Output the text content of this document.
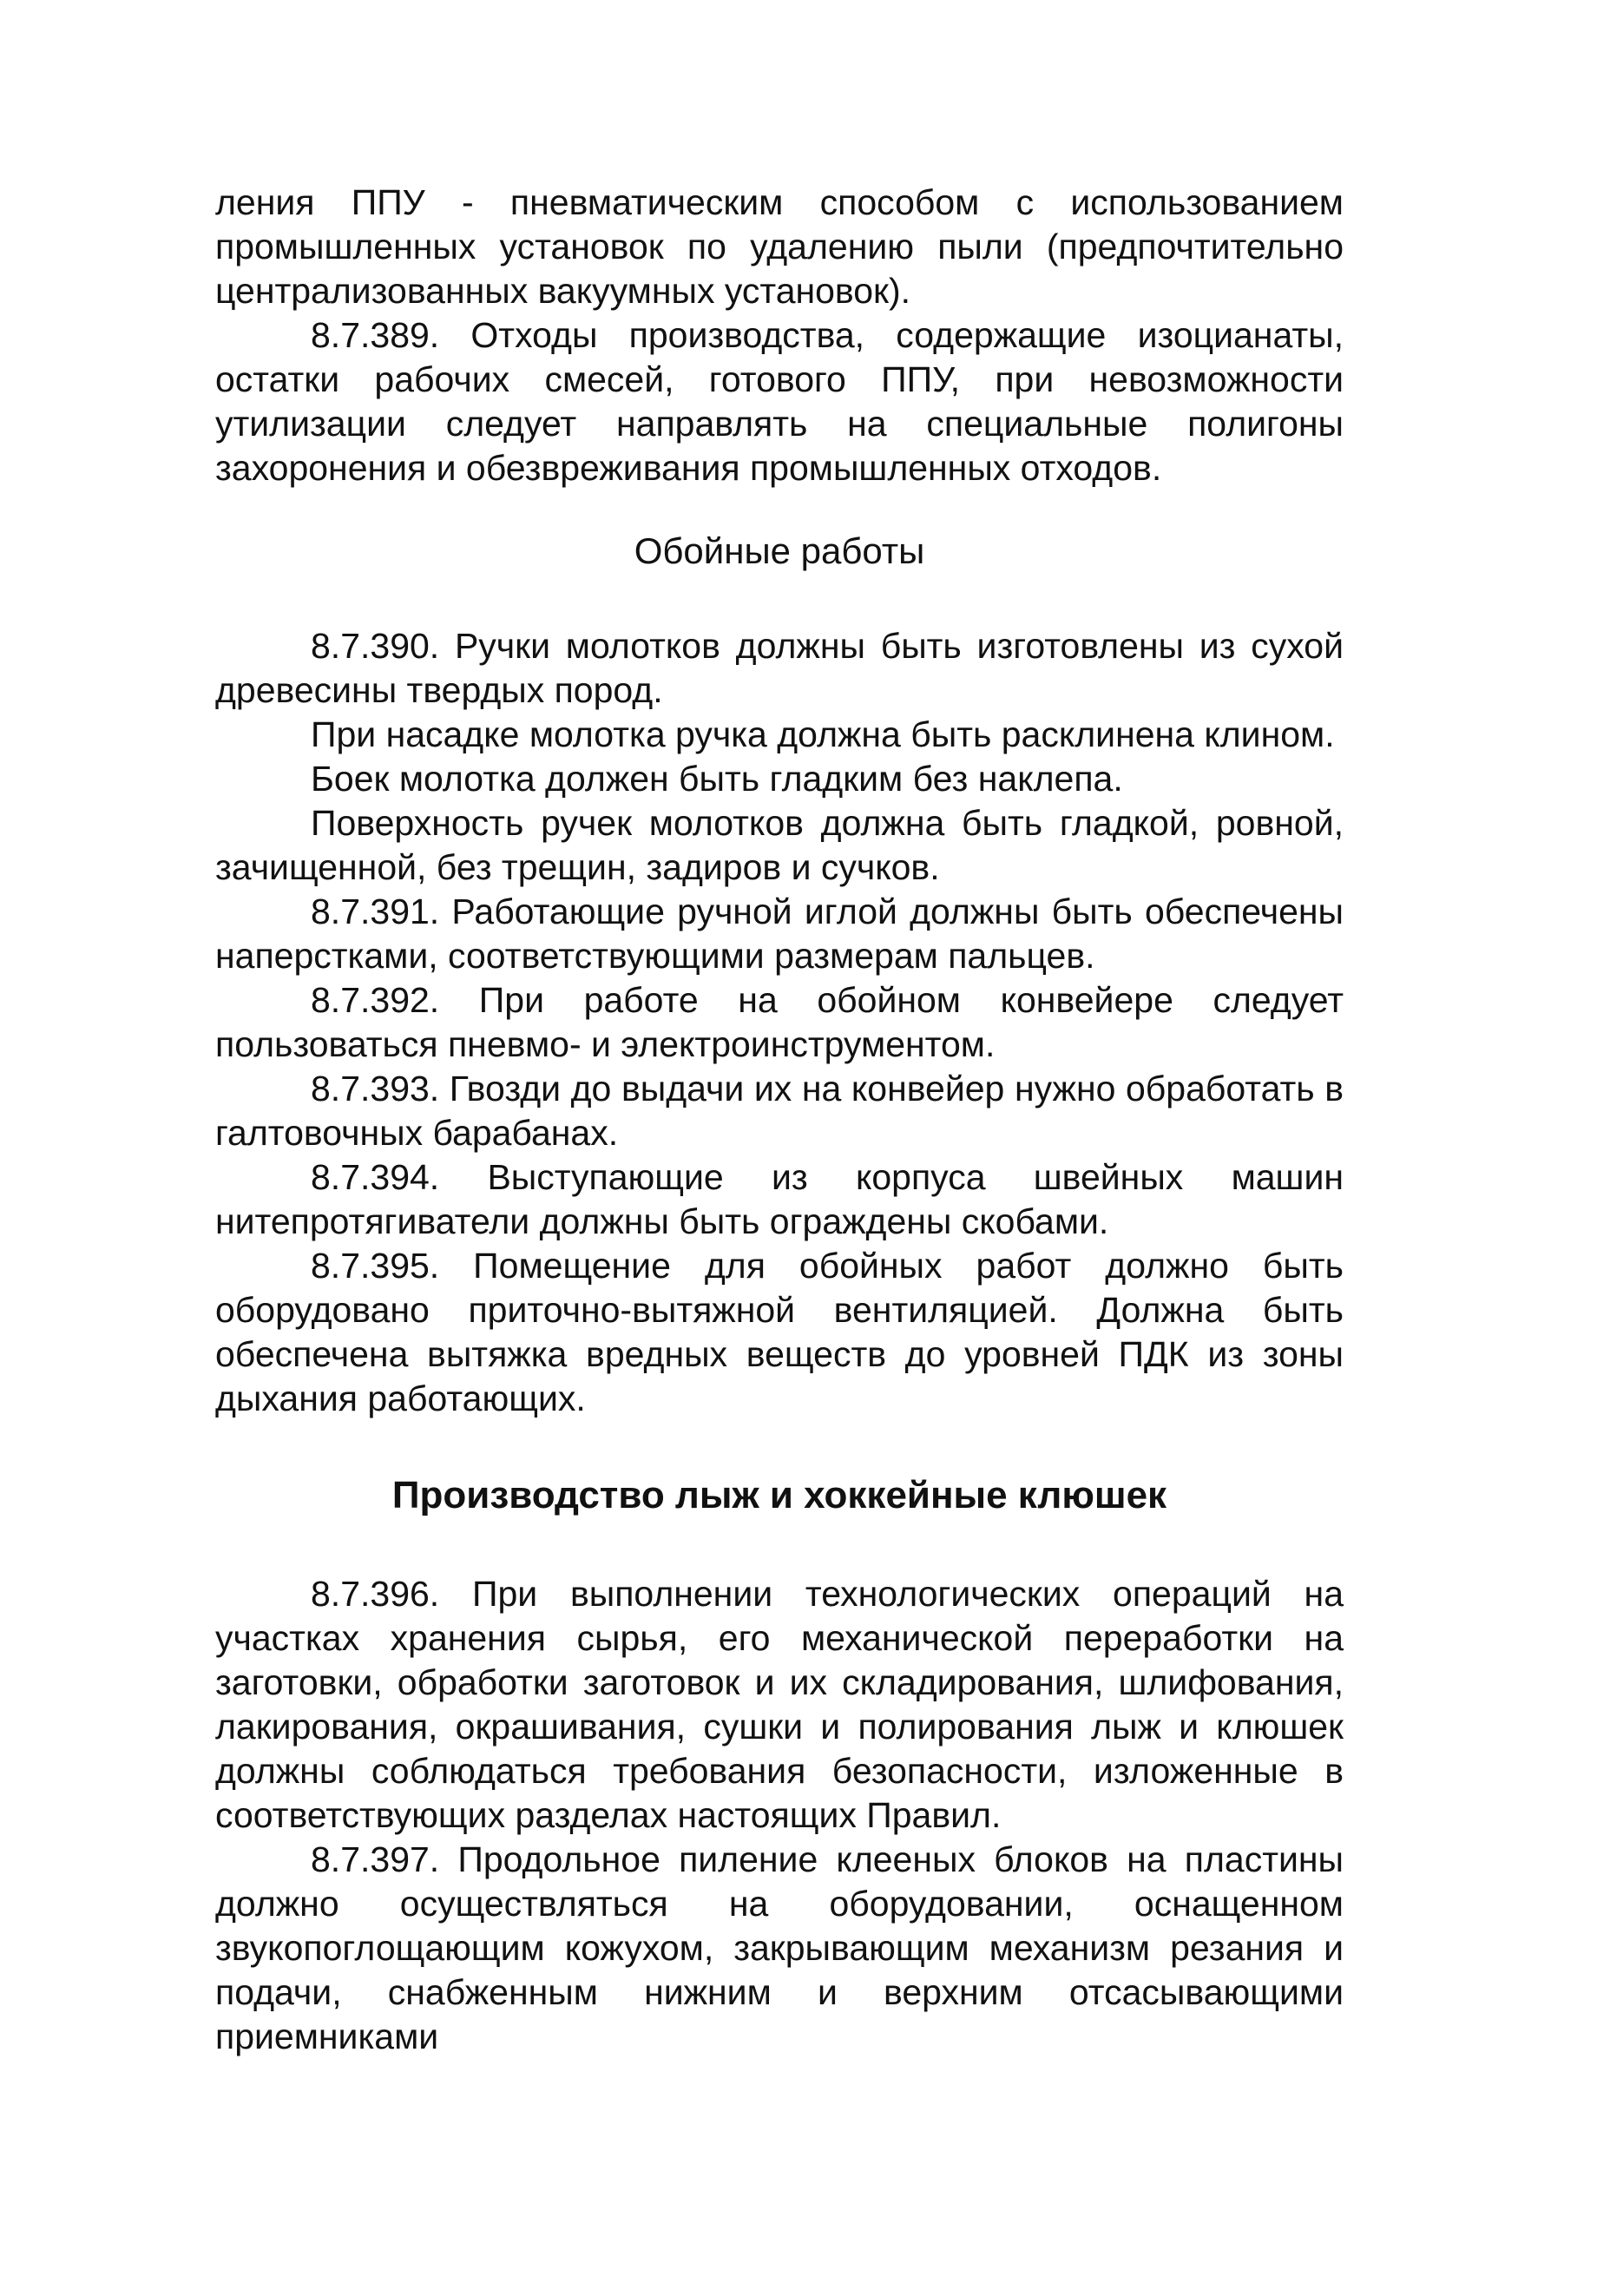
ления ППУ - пневматическим способом с использованием промышленных установок по удалению пыли (предпочтительно централизованных вакуумных установок).

8.7.389. Отходы производства, содержащие изоцианаты, остатки рабочих смесей, готового ППУ, при невозможности утилизации следует направлять на специальные полигоны захоронения и обезвреживания промышленных отходов.

Обойные работы

8.7.390. Ручки молотков должны быть изготовлены из сухой древесины твердых пород.

При насадке молотка ручка должна быть расклинена клином.

Боек молотка должен быть гладким без наклепа.

Поверхность ручек молотков должна быть гладкой, ровной, зачищенной, без трещин, задиров и сучков.

8.7.391. Работающие ручной иглой должны быть обеспечены наперстками, соответствующими размерам пальцев.

8.7.392. При работе на обойном конвейере следует пользоваться пневмо- и электроинструментом.

8.7.393. Гвозди до выдачи их на конвейер нужно обработать в галтовочных барабанах.

8.7.394. Выступающие из корпуса швейных машин нитепротягиватели должны быть ограждены скобами.

8.7.395. Помещение для обойных работ должно быть оборудовано приточно-вытяжной вентиляцией. Должна быть обеспечена вытяжка вредных веществ до уровней ПДК из зоны дыхания работающих.

Производство лыж и хоккейные клюшек

8.7.396. При выполнении технологических операций на участках хранения сырья, его механической переработки на заготовки, обработки заготовок и их складирования, шлифования, лакирования, окрашивания, сушки и полирования лыж и клюшек должны соблюдаться требования безопасности, изложенные в соответствующих разделах настоящих Правил.

8.7.397. Продольное пиление клееных блоков на пластины должно осуществляться на оборудовании, оснащенном звукопоглощающим кожухом, закрывающим механизм резания и подачи, снабженным нижним и верхним отсасывающими приемниками
